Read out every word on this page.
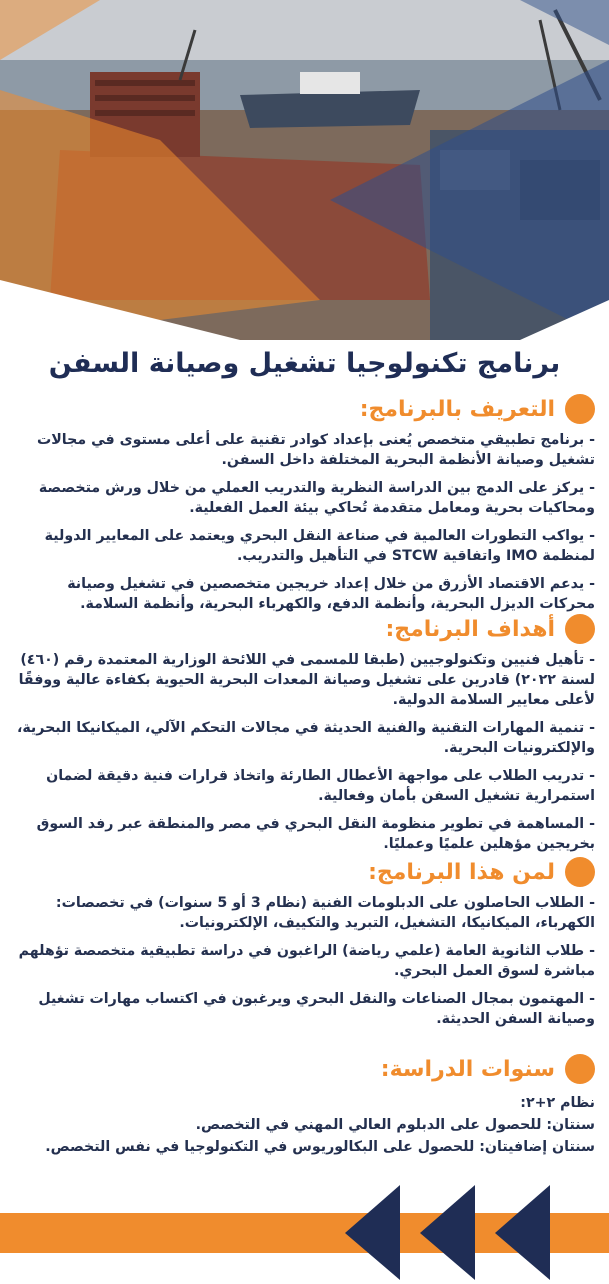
برنامج تكنولوجيا تشغيل وصيانة السفن
التعريف بالبرنامج:
- برنامج تطبيقي متخصص يُعنى بإعداد كوادر تقنية على أعلى مستوى في مجالات تشغيل وصيانة الأنظمة البحرية المختلفة داخل السفن.
- يركز على الدمج بين الدراسة النظرية والتدريب العملي من خلال ورش متخصصة ومحاكيات بحرية ومعامل متقدمة تُحاكي بيئة العمل الفعلية.
- يواكب التطورات العالمية في صناعة النقل البحري ويعتمد على المعايير الدولية لمنظمة IMO واتفاقية STCW في التأهيل والتدريب.
- يدعم الاقتصاد الأزرق من خلال إعداد خريجين متخصصين في تشغيل وصيانة محركات الديزل البحرية، وأنظمة الدفع، والكهرباء البحرية، وأنظمة السلامة.
أهداف البرنامج:
- تأهيل فنيين وتكنولوجيين (طبقا للمسمى في اللائحة الوزارية المعتمدة رقم (٤٦٠) لسنة ٢٠٢٢) قادرين على تشغيل وصيانة المعدات البحرية الحيوية بكفاءة عالية ووفقًا لأعلى معايير السلامة الدولية.
- تنمية المهارات التقنية والفنية الحديثة في مجالات التحكم الآلي، الميكانيكا البحرية، والإلكترونيات البحرية.
- تدريب الطلاب على مواجهة الأعطال الطارئة واتخاذ قرارات فنية دقيقة لضمان استمرارية تشغيل السفن بأمان وفعالية.
- المساهمة في تطوير منظومة النقل البحري في مصر والمنطقة عبر رفد السوق بخريجين مؤهلين علميًا وعمليًا.
لمن هذا البرنامج:
- الطلاب الحاصلون على الدبلومات الفنية (نظام 3 أو 5 سنوات) في تخصصات: الكهرباء، الميكانيكا، التشغيل، التبريد والتكييف، الإلكترونيات.
- طلاب الثانوية العامة (علمي رياضة) الراغبون في دراسة تطبيقية متخصصة تؤهلهم مباشرة لسوق العمل البحري.
- المهتمون بمجال الصناعات والنقل البحري ويرغبون في اكتساب مهارات تشغيل وصيانة السفن الحديثة.
سنوات الدراسة:

نظام ٢+٢:

سنتان: للحصول على الدبلوم العالي المهني في التخصص.

سنتان إضافيتان: للحصول على البكالوريوس في التكنولوجيا في نفس التخصص.
